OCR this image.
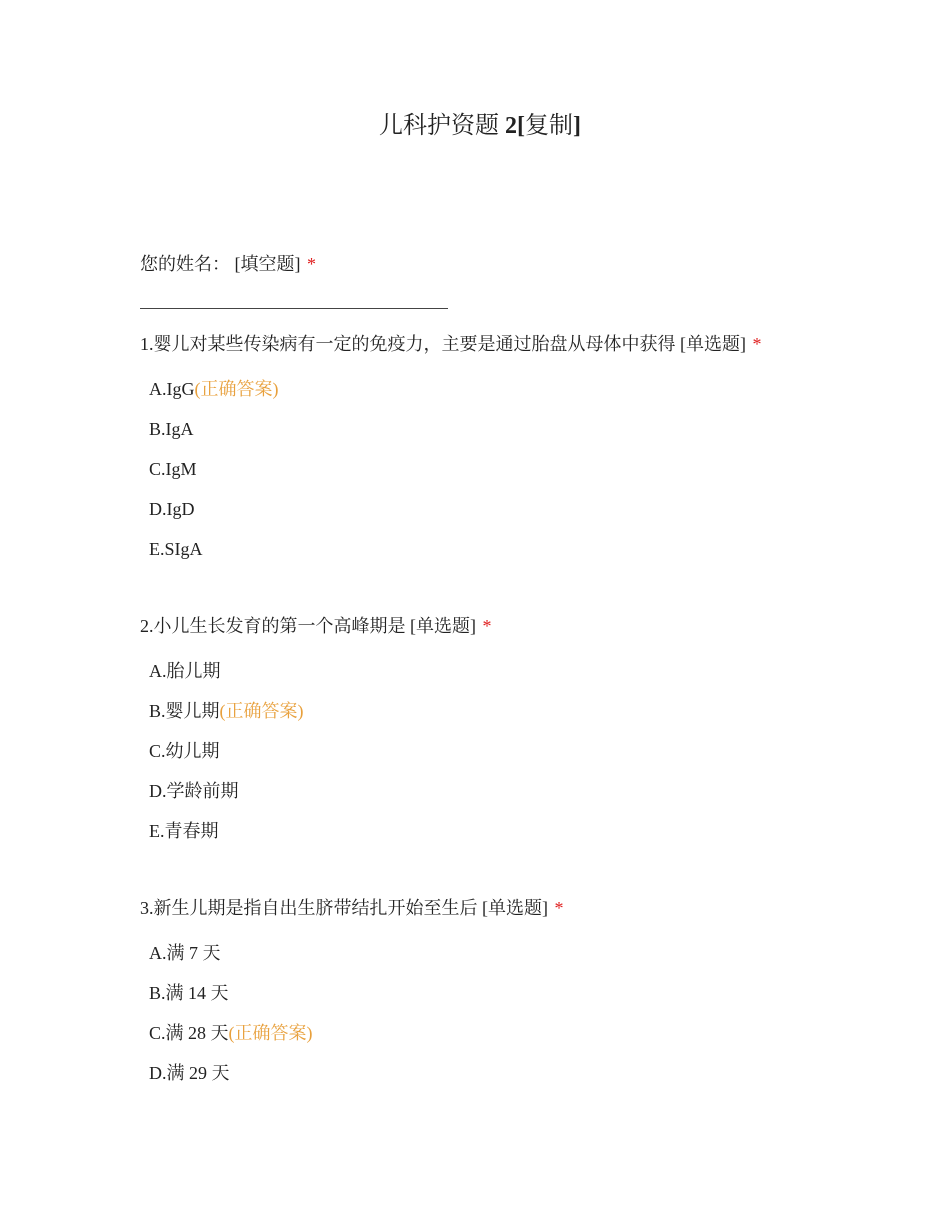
儿科护资题 2[复制]
您的姓名： [填空题] *
1.婴儿对某些传染病有一定的免疫力，主要是通过胎盘从母体中获得 [单选题] *
A.IgG(正确答案)
B.IgA
C.IgM
D.IgD
E.SIgA
2.小儿生长发育的第一个高峰期是 [单选题] *
A.胎儿期
B.婴儿期(正确答案)
C.幼儿期
D.学龄前期
E.青春期
3.新生儿期是指自出生脐带结扎开始至生后 [单选题] *
A.满 7 天
B.满 14 天
C.满 28 天(正确答案)
D.满 29 天
